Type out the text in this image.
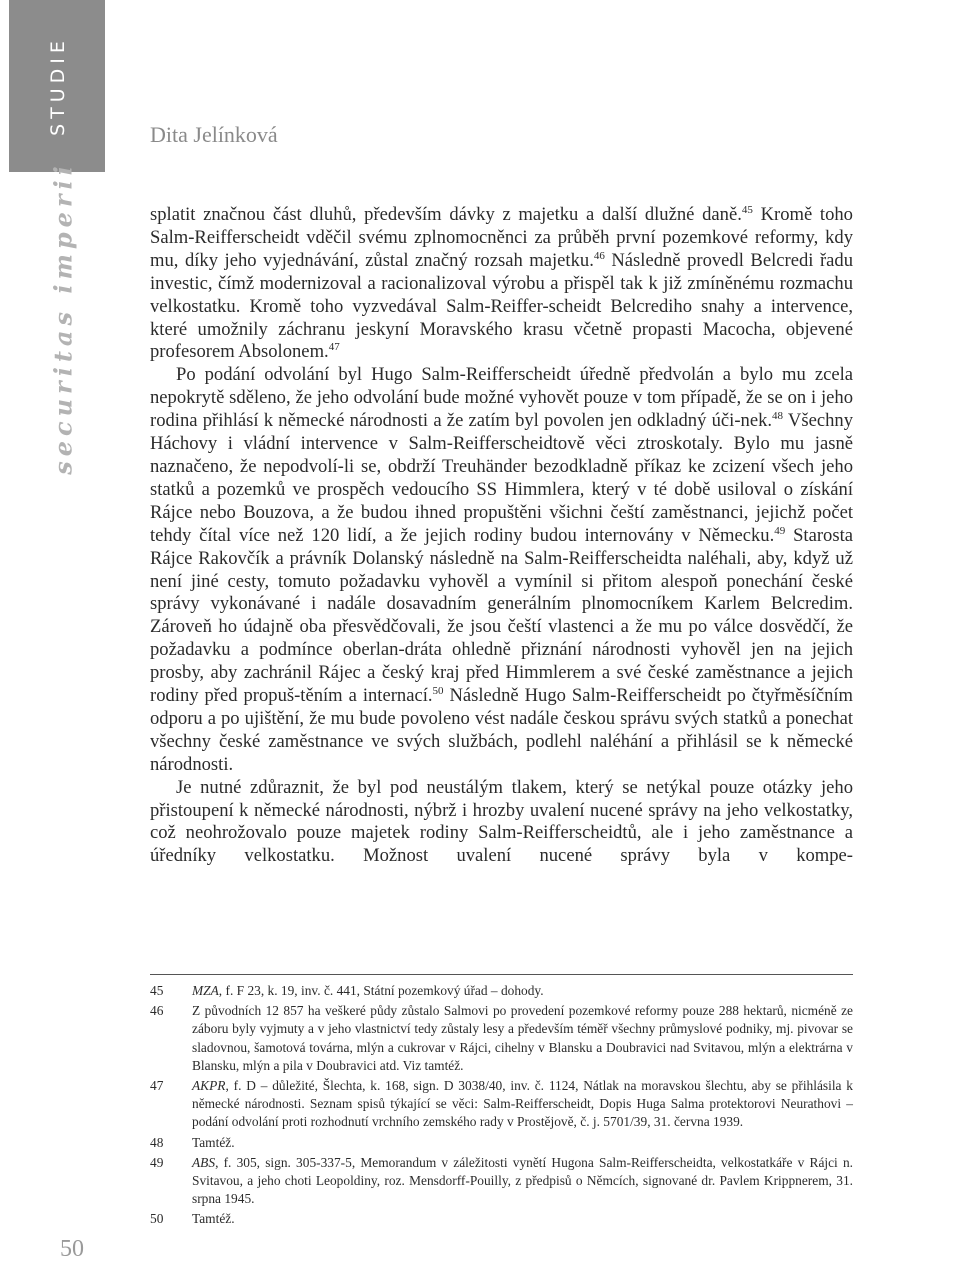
STUDIE
securitas imperii
Dita Jelínková

splatit značnou část dluhů, především dávky z majetku a další dlužné daně.$^{45}$ Kromě toho Salm-Reifferscheidt vděčil svému zplnomocněnci za průběh první pozemkové reformy, kdy mu, díky jeho vyjednávání, zůstal značný rozsah majetku.$^{46}$ Následně provedl Belcredi řadu investic, čímž modernizoval a racionalizoval výrobu a přispěl tak k již zmíněnému rozmachu velkostatku. Kromě toho vyzvedával Salm-Reiffer-scheidt Belcrediho snahy a intervence, které umožnily záchranu jeskyní Moravského krasu včetně propasti Macocha, objevené profesorem Absolonem.$^{47}$

Po podání odvolání byl Hugo Salm-Reifferscheidt úředně předvolán a bylo mu zcela nepokrytě sděleno, že jeho odvolání bude možné vyhovět pouze v tom případě, že se on i jeho rodina přihlásí k německé národnosti a že zatím byl povolen jen odkladný úči-nek.$^{48}$ Všechny Háchovy i vládní intervence v Salm-Reifferscheidtově věci ztroskotaly. Bylo mu jasně naznačeno, že nepodvolí-li se, obdrží Treuhänder bezodkladně příkaz ke zcizení všech jeho statků a pozemků ve prospěch vedoucího SS Himmlera, který v té době usiloval o získání Rájce nebo Bouzova, a že budou ihned propuštěni všichni čeští zaměstnanci, jejichž počet tehdy čítal více než 120 lidí, a že jejich rodiny budou internovány v Německu.$^{49}$ Starosta Rájce Rakovčík a právník Dolanský následně na Salm-Reifferscheidta naléhali, aby, když už není jiné cesty, tomuto požadavku vyhověl a vymínil si přitom alespoň ponechání české správy vykonávané i nadále dosavadním generálním plnomocníkem Karlem Belcredim. Zároveň ho údajně oba přesvědčovali, že jsou čeští vlastenci a že mu po válce dosvědčí, že požadavku a podmínce oberlan-dráta ohledně přiznání národnosti vyhověl jen na jejich prosby, aby zachránil Rájec a český kraj před Himmlerem a své české zaměstnance a jejich rodiny před propuš-těním a internací.$^{50}$ Následně Hugo Salm-Reifferscheidt po čtyřměsíčním odporu a po ujištění, že mu bude povoleno vést nadále českou správu svých statků a ponechat všechny české zaměstnance ve svých službách, podlehl naléhání a přihlásil se k německé národnosti.

Je nutné zdůraznit, že byl pod neustálým tlakem, který se netýkal pouze otázky jeho přistoupení k německé národnosti, nýbrž i hrozby uvalení nucené správy na jeho velkostatky, což neohrožovalo pouze majetek rodiny Salm-Reifferscheidtů, ale i jeho zaměstnance a úředníky velkostatku. Možnost uvalení nucené správy byla v kompe-

45	MZA, f. F 23, k. 19, inv. č. 441, Státní pozemkový úřad – dohody.
46	Z původních 12 857 ha veškeré půdy zůstalo Salmovi po provedení pozemkové reformy pouze 288 hektarů, nicméně ze záboru byly vyjmuty a v jeho vlastnictví tedy zůstaly lesy a především téměř všechny průmyslové podniky, mj. pivovar se sladovnou, šamotová továrna, mlýn a cukrovar v Rájci, cihelny v Blansku a Doubravici nad Svitavou, mlýn a elektrárna v Blansku, mlýn a pila v Doubravici atd. Viz tamtéž.
47	AKPR, f. D – důležité, Šlechta, k. 168, sign. D 3038/40, inv. č. 1124, Nátlak na moravskou šlechtu, aby se přihlásila k německé národnosti. Seznam spisů týkající se věci: Salm-Reifferscheidt, Dopis Huga Salma protektorovi Neurathovi – podání odvolání proti rozhodnutí vrchního zemského rady v Prostějově, č. j. 5701/39, 31. června 1939.
48	Tamtéž.
49	ABS, f. 305, sign. 305-337-5, Memorandum v záležitosti vynětí Hugona Salm-Reifferscheidta, velkostatkáře v Rájci n. Svitavou, a jeho choti Leopoldiny, roz. Mensdorff-Pouilly, z předpisů o Němcích, signované dr. Pavlem Krippnerem, 31. srpna 1945.
50	Tamtéž.
50
